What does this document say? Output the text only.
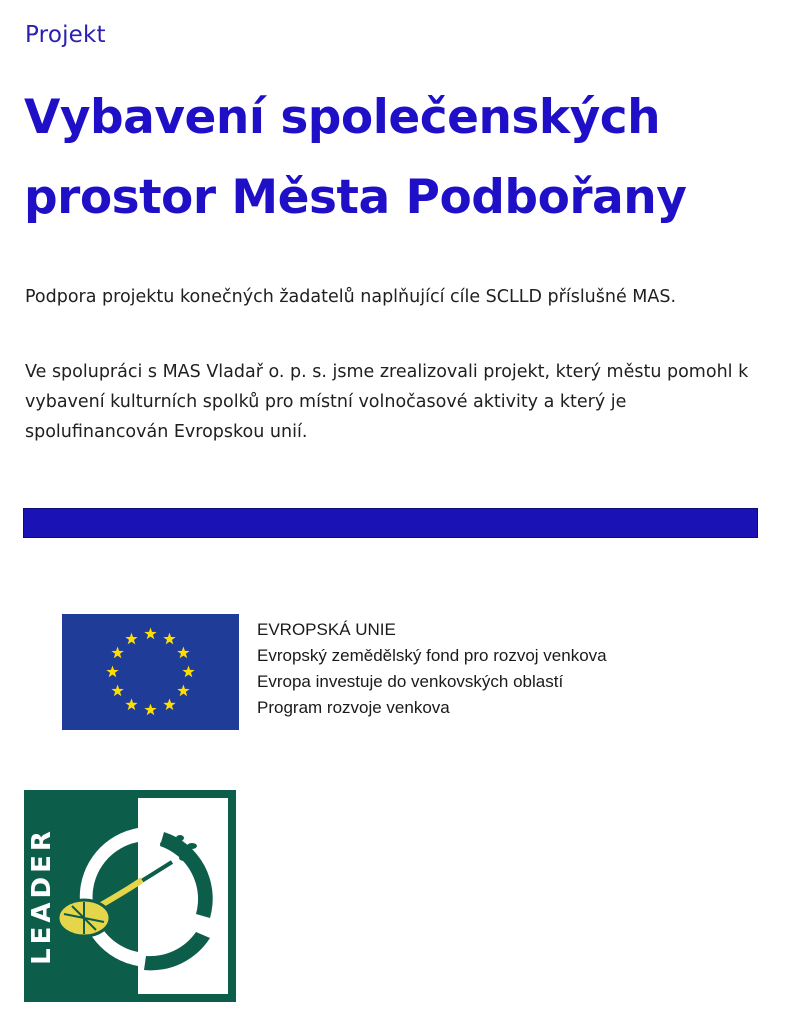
Projekt
Vybavení společenských
prostor Města Podbořany

Podpora projektu konečných žadatelů naplňující cíle SCLLD příslušné MAS.

Ve spolupráci s MAS Vladař o. p. s. jsme zrealizovali projekt, který městu pomohl k vybavení kulturních spolků pro místní volnočasové aktivity a který je spolufinancován Evropskou unií.

EVROPSKÁ UNIE
Evropský zemědělský fond pro rozvoj venkova
Evropa investuje do venkovských oblastí
Program rozvoje venkova
LEADER
